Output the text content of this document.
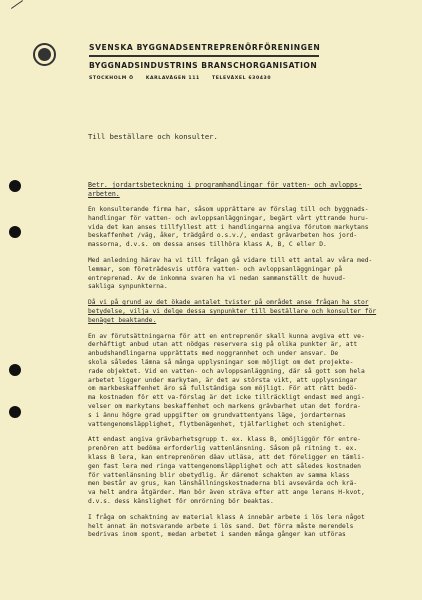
SVENSKA BYGGNADSENTREPRENÖRFÖRENINGEN
BYGGNADSINDUSTRINS BRANSCHORGANISATION
STOCKHOLM Ö	KARLAVÄGEN 111	TELEVÄXEL 630430
Till beställare och konsulter.
Betr. jordartsbeteckning i programhandlingar för vatten- och avlopps-
arbeten.
En konsulterande firma har, såsom upprättare av förslag till och byggnads-
handlingar för vatten- och avloppsanläggningar, begärt vårt yttrande huru-
vida det kan anses tillfyllest att i handlingarna angiva förutom markytans
beskaffenhet /väg, åker, trädgård o.s.v./, endast grävarbeten hos jord-
massorna, d.v.s. om dessa anses tillhöra klass A, B, C eller D.
Med anledning härav ha vi till frågan gå vidare till ett antal av våra med-
lemmar, som företrädesvis utföra vatten- och avloppsanläggningar på
entreprenad. Av de inkomna svaren ha vi nedan sammanställt de huvud-
sakliga synpunkterna.
Då vi på grund av det ökade antalet tvister på området anse frågan ha stor
betydelse, vilja vi delge dessa synpunkter till beställare och konsulter för
benäget beaktande.
En av förutsättningarna för att en entreprenör skall kunna avgiva ett ve-
derhäftigt anbud utan att nödgas reservera sig på olika punkter är, att
anbudshandlingarna upprättats med noggrannhet och under ansvar. De
skola således lämna så många upplysningar som möjligt om det projekte-
rade objektet. Vid en vatten- och avloppsanläggning, där så gott som hela
arbetet ligger under markytan, är det av största vikt, att upplysningar
om markbeskaffenhet äro så fullständiga som möjligt. För att rätt bedö-
ma kostnaden för ett va-förslag är det icke tillräckligt endast med angi-
velser om markytans beskaffenhet och markens grävbarhet utan det fordra-
s i ännu högre grad uppgifter om grundvattentyans läge, jordarternas
vattengenomsläpplighet, flytbenägenhet, tjälfarlighet och stenighet.
Att endast angiva grävbarhetsgrupp t. ex. klass B, omöjliggör för entre-
prenören att bedöma erforderlig vattenlänsning. Såsom på ritning t. ex.
klass B lera, kan entreprenören däav utläsa, att det föreligger en tämli-
gen fast lera med ringa vattengenomsläpplighet och att således kostnaden
för vattenlänsning blir obetydlig. Är däremot schakten av samma klass
men består av grus, kan länshållningskostnaderna bli avsevärda och krä-
va helt andra åtgärder. Man bör även sträva efter att ange lerans H-kvot,
d.v.s. dess känslighet för omrörning bör beaktas.
I fråga om schaktning av material klass A innebär arbete i lös lera något
helt annat än motsvarande arbete i lös sand. Det förra måste merendels
bedrivas inom spont, medan arbetet i sanden många gånger kan utföras
